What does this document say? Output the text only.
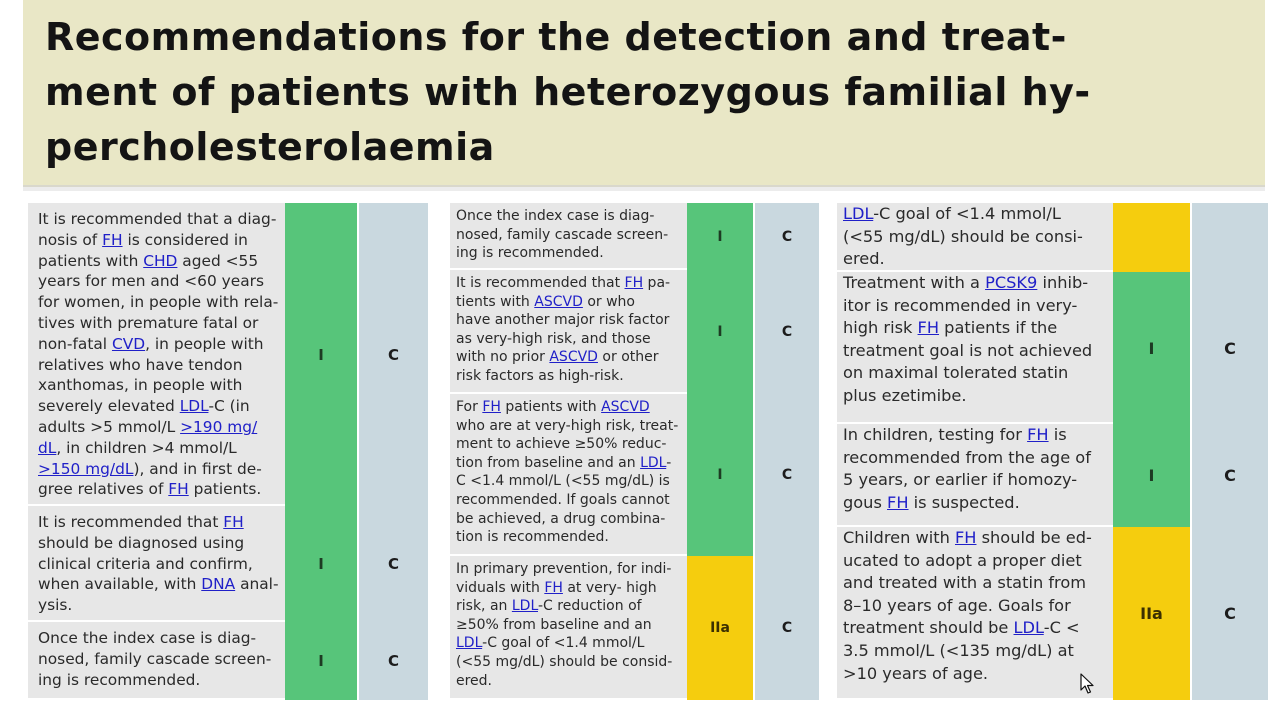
Recommendations for the detection and treat-
ment of patients with heterozygous familial hy-
percholesterolaemia
It is recommended that a diag-
nosis of FH is considered in
patients with CHD aged <55
years for men and <60 years
for women, in people with rela-
tives with premature fatal or
non-fatal CVD, in people with
relatives who have tendon
xanthomas, in people with
severely elevated LDL-C (in
adults >5 mmol/L >190 mg/
dL, in children >4 mmol/L
>150 mg/dL), and in first de-
gree relatives of FH patients.
I	C
It is recommended that FH
should be diagnosed using
clinical criteria and confirm,
when available, with DNA anal-
ysis.
I	C
Once the index case is diag-
nosed, family cascade screen-
ing is recommended.
I	C
Once the index case is diag-
nosed, family cascade screen-
ing is recommended.
I	C
It is recommended that FH pa-
tients with ASCVD or who
have another major risk factor
as very-high risk, and those
with no prior ASCVD or other
risk factors as high-risk.
I	C
For FH patients with ASCVD
who are at very-high risk, treat-
ment to achieve ≥50% reduc-
tion from baseline and an LDL-
C <1.4 mmol/L (<55 mg/dL) is
recommended. If goals cannot
be achieved, a drug combina-
tion is recommended.
I	C
In primary prevention, for indi-
viduals with FH at very- high
risk, an LDL-C reduction of
≥50% from baseline and an
LDL-C goal of <1.4 mmol/L
(<55 mg/dL) should be consid-
ered.
IIa	C
LDL-C goal of <1.4 mmol/L
(<55 mg/dL) should be consi-
ered.
Treatment with a PCSK9 inhib-
itor is recommended in very-
high risk FH patients if the
treatment goal is not achieved
on maximal tolerated statin
plus ezetimibe.
I	C
In children, testing for FH is
recommended from the age of
5 years, or earlier if homozy-
gous FH is suspected.
I	C
Children with FH should be ed-
ucated to adopt a proper diet
and treated with a statin from
8–10 years of age. Goals for
treatment should be LDL-C <
3.5 mmol/L (<135 mg/dL) at
>10 years of age.
IIa	C
